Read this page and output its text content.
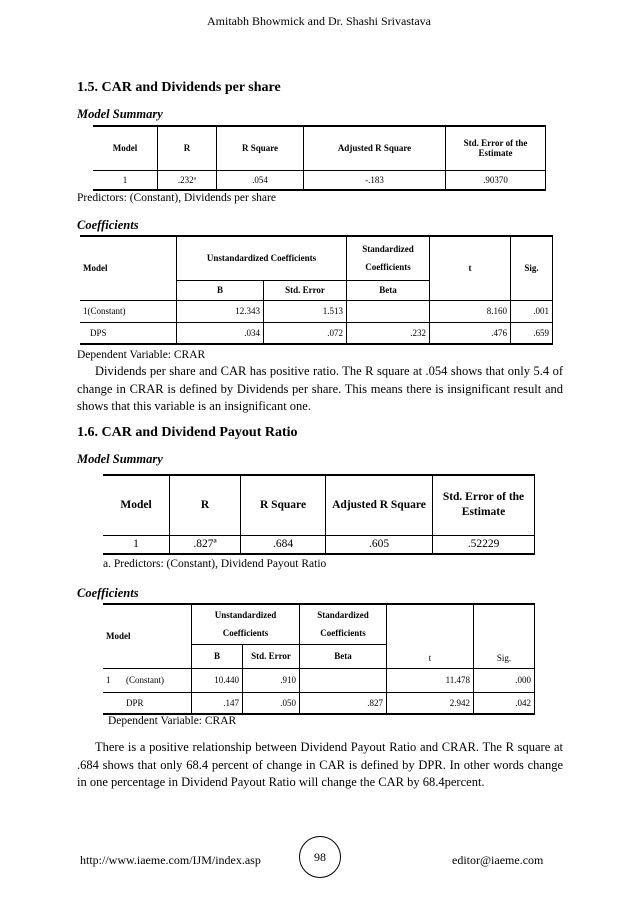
Amitabh Bhowmick and Dr. Shashi Srivastava
1.5. CAR and Dividends per share
Model Summary
Model	R	R Square	Adjusted R Square	Std. Error of the Estimate
1	.232ª	.054	-.183	.90370
Predictors: (Constant), Dividends per share
Coefficients
Model	Unstandardized Coefficients		Standardized Coefficients	t	Sig.
	B	Std. Error	Beta		
1(Constant)	12.343	1.513		8.160	.001
DPS	.034	.072	.232	.476	.659
Dependent Variable: CRAR

Dividends per share and CAR has positive ratio. The R square at .054 shows that only 5.4 of change in CRAR is defined by Dividends per share. This means there is insignificant result and shows that this variable is an insignificant one.

1.6. CAR and Dividend Payout Ratio
Model Summary
Model	R	R Square	Adjusted R Square	Std. Error of the Estimate
1	.827ª	.684	.605	.52229
a. Predictors: (Constant), Dividend Payout Ratio
Coefficients
Model		Unstandardized Coefficients		Standardized Coefficients	t	Sig.
		B	Std. Error	Beta		
1	(Constant)	10.440	.910		11.478	.000
	DPR	.147	.050	.827	2.942	.042
Dependent Variable: CRAR

There is a positive relationship between Dividend Payout Ratio and CRAR. The R square at .684 shows that only 68.4 percent of change in CAR is defined by DPR. In other words change in one percentage in Dividend Payout Ratio will change the CAR by 68.4percent.

http://www.iaeme.com/IJM/index.asp	98	editor@iaeme.com
